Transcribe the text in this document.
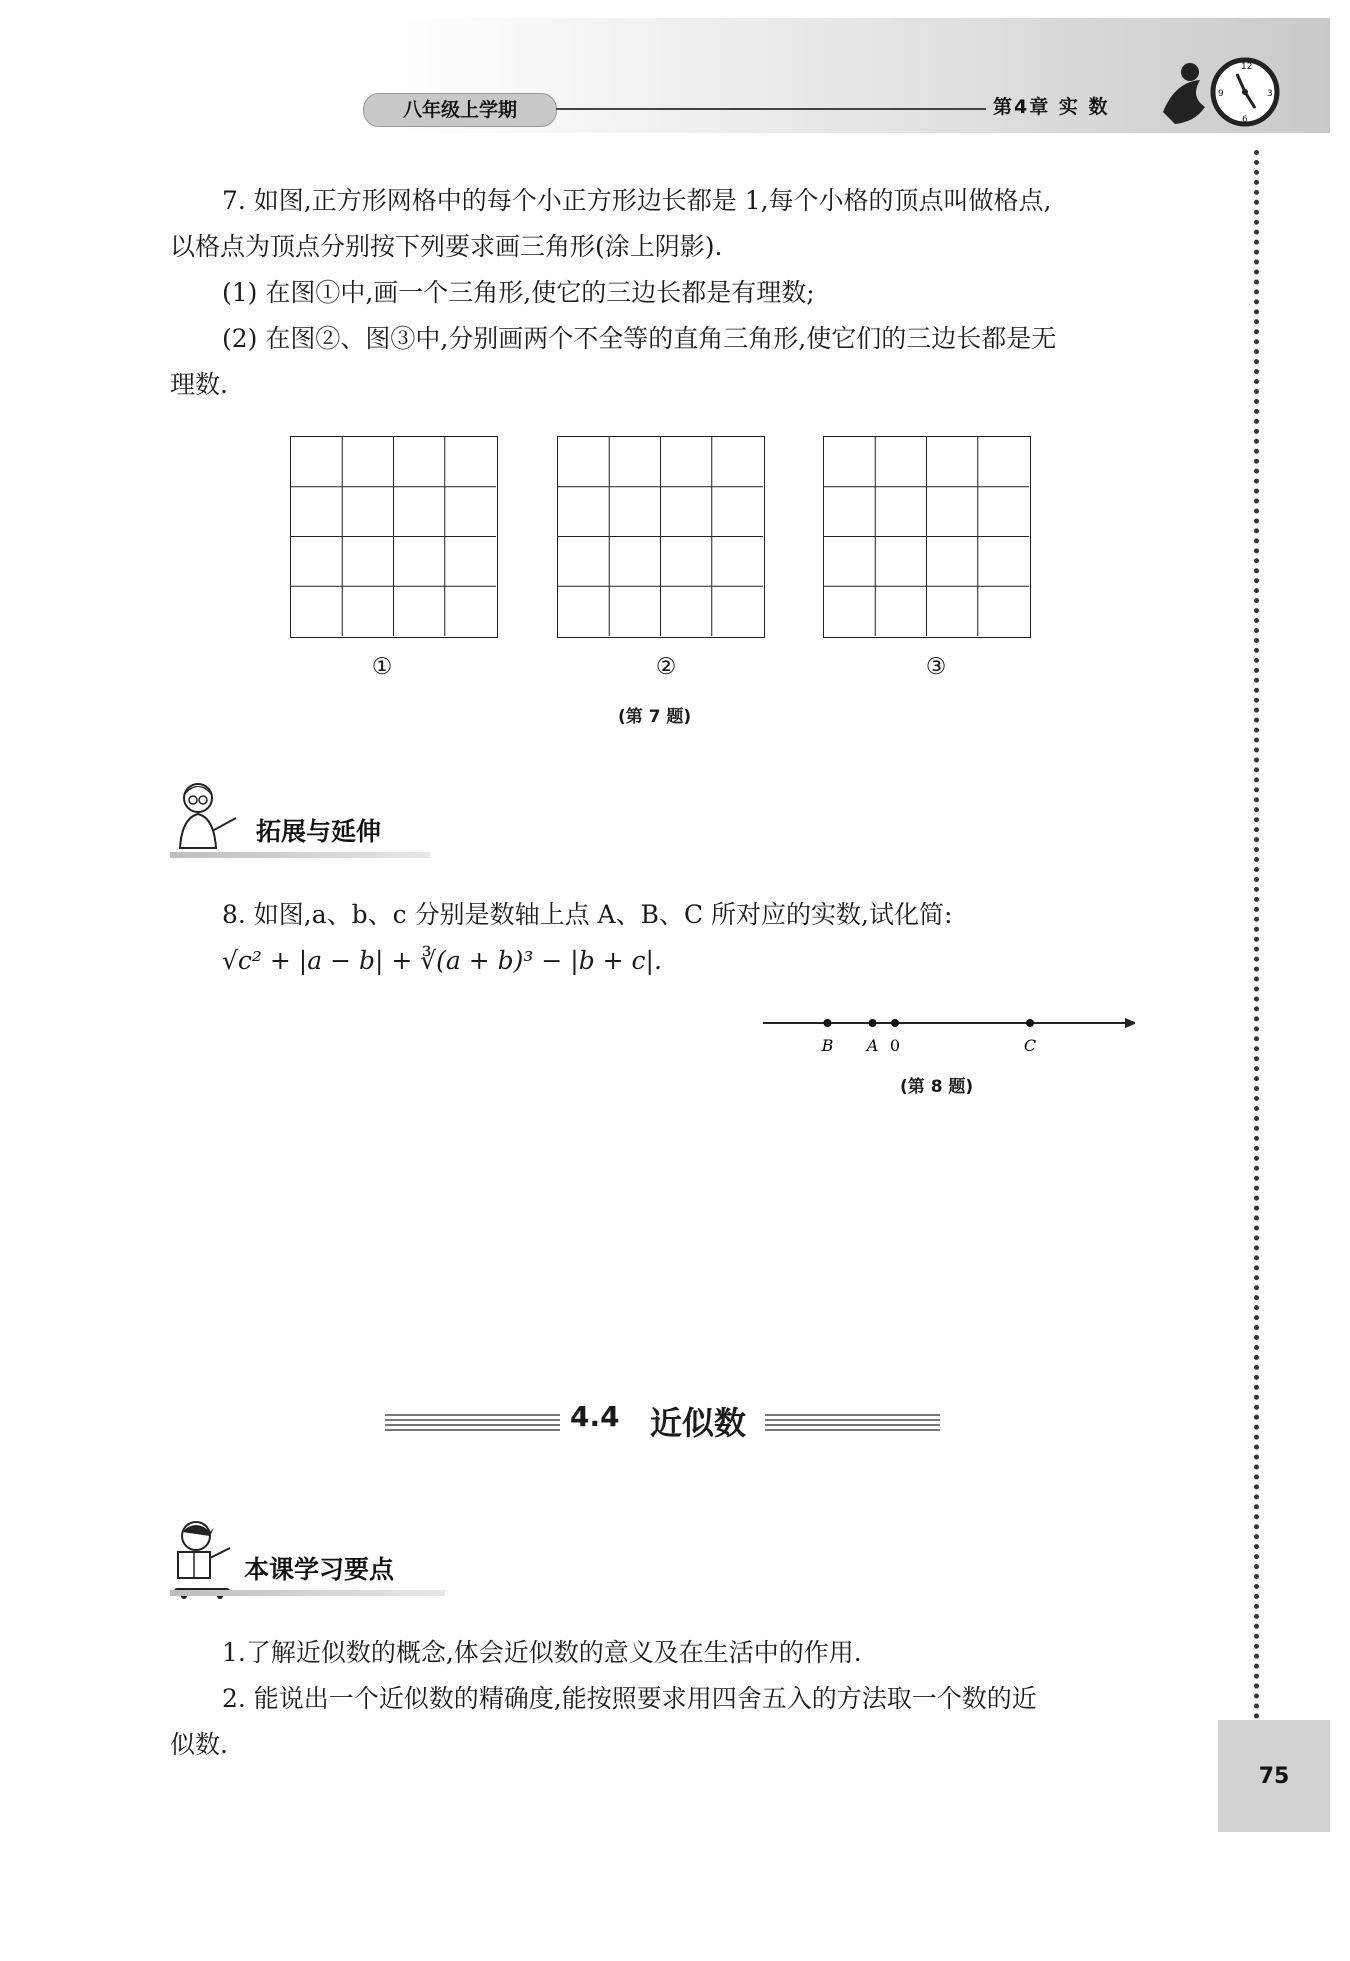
八年级上学期	第4章 实 数
12
3
6
9
7. 如图,正方形网格中的每个小正方形边长都是 1,每个小格的顶点叫做格点,
以格点为顶点分别按下列要求画三角形(涂上阴影).
(1) 在图①中,画一个三角形,使它的三边长都是有理数;
(2) 在图②、图③中,分别画两个不全等的直角三角形,使它们的三边长都是无
理数.
①	②	③
(第 7 题)
拓展与延伸
8. 如图,a、b、c 分别是数轴上点 A、B、C 所对应的实数,试化简:
√c² + |a − b| + ∛(a + b)³ − |b + c|.
B A 0	C
(第 8 题)
4.4 近似数
本课学习要点
1.了解近似数的概念,体会近似数的意义及在生活中的作用.
2. 能说出一个近似数的精确度,能按照要求用四舍五入的方法取一个数的近
似数.
75
